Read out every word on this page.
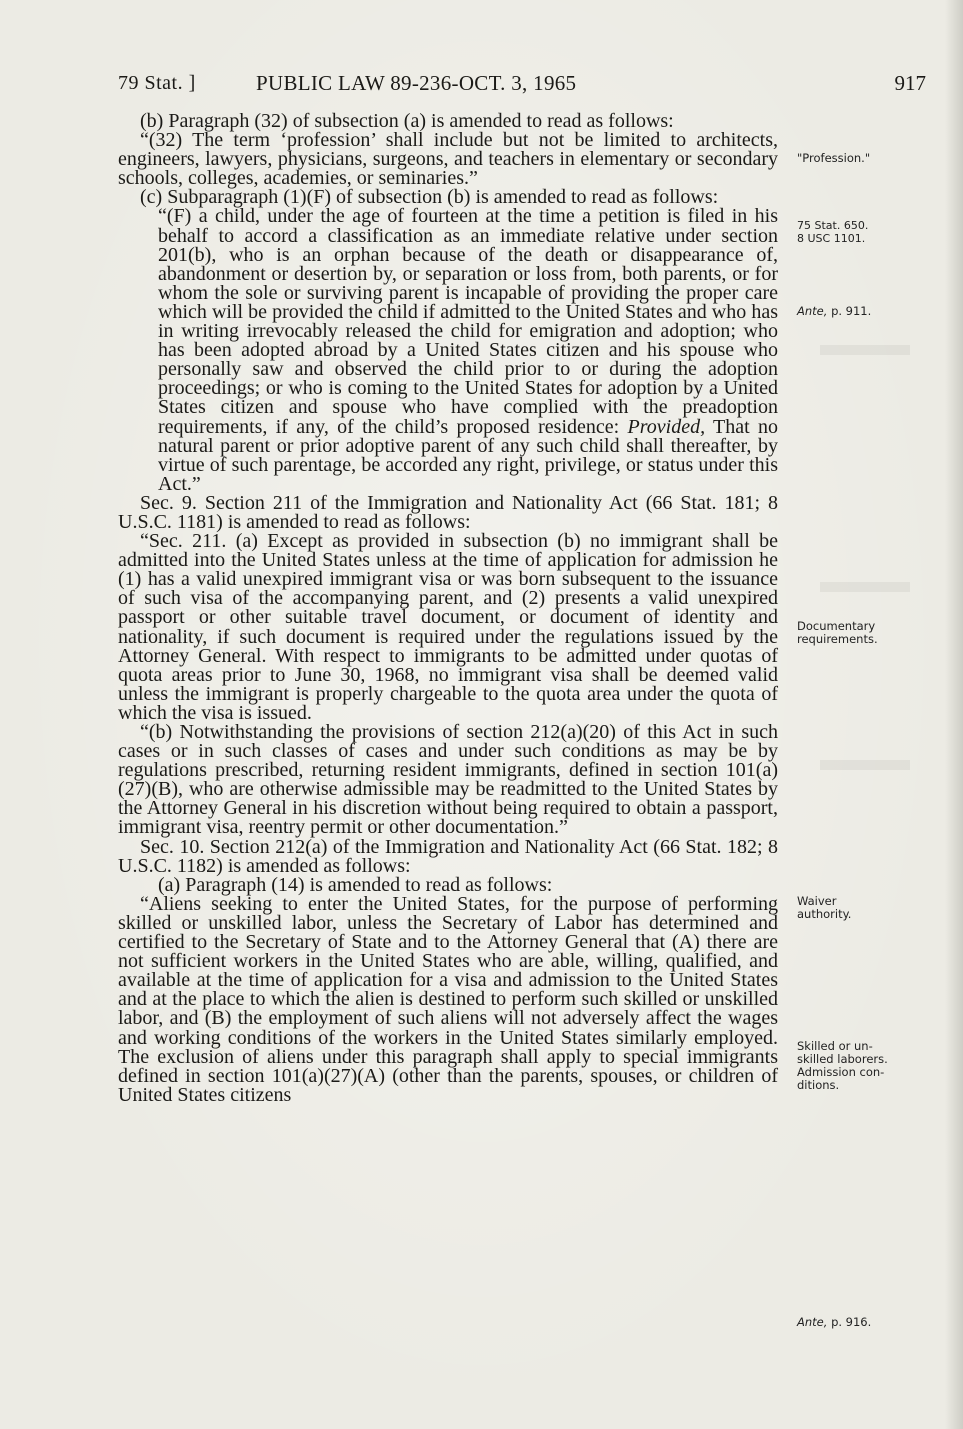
79 Stat. ]	PUBLIC LAW 89-236-OCT. 3, 1965	917

(b) Paragraph (32) of subsection (a) is amended to read as follows:

“(32) The term ‘profession’ shall include but not be limited to architects, engineers, lawyers, physicians, surgeons, and teachers in elementary or secondary schools, colleges, academies, or seminaries.”

(c) Subparagraph (1)(F) of subsection (b) is amended to read as follows:

“(F) a child, under the age of fourteen at the time a petition is filed in his behalf to accord a classification as an immediate relative under section 201(b), who is an orphan because of the death or disappearance of, abandonment or desertion by, or separation or loss from, both parents, or for whom the sole or surviving parent is incapable of providing the proper care which will be provided the child if admitted to the United States and who has in writing irrevocably released the child for emigration and adoption; who has been adopted abroad by a United States citizen and his spouse who personally saw and observed the child prior to or during the adoption proceedings; or who is coming to the United States for adoption by a United States citizen and spouse who have complied with the preadoption requirements, if any, of the child’s proposed residence: Provided, That no natural parent or prior adoptive parent of any such child shall thereafter, by virtue of such parentage, be accorded any right, privilege, or status under this Act.”

Sec. 9. Section 211 of the Immigration and Nationality Act (66 Stat. 181; 8 U.S.C. 1181) is amended to read as follows:

“Sec. 211. (a) Except as provided in subsection (b) no immigrant shall be admitted into the United States unless at the time of application for admission he (1) has a valid unexpired immigrant visa or was born subsequent to the issuance of such visa of the accompanying parent, and (2) presents a valid unexpired passport or other suitable travel document, or document of identity and nationality, if such document is required under the regulations issued by the Attorney General. With respect to immigrants to be admitted under quotas of quota areas prior to June 30, 1968, no immigrant visa shall be deemed valid unless the immigrant is properly chargeable to the quota area under the quota of which the visa is issued.

“(b) Notwithstanding the provisions of section 212(a)(20) of this Act in such cases or in such classes of cases and under such conditions as may be by regulations prescribed, returning resident immigrants, defined in section 101(a)(27)(B), who are otherwise admissible may be readmitted to the United States by the Attorney General in his discretion without being required to obtain a passport, immigrant visa, reentry permit or other documentation.”

Sec. 10. Section 212(a) of the Immigration and Nationality Act (66 Stat. 182; 8 U.S.C. 1182) is amended as follows:

(a) Paragraph (14) is amended to read as follows:

“Aliens seeking to enter the United States, for the purpose of performing skilled or unskilled labor, unless the Secretary of Labor has determined and certified to the Secretary of State and to the Attorney General that (A) there are not sufficient workers in the United States who are able, willing, qualified, and available at the time of application for a visa and admission to the United States and at the place to which the alien is destined to perform such skilled or unskilled labor, and (B) the employment of such aliens will not adversely affect the wages and working conditions of the workers in the United States similarly employed. The exclusion of aliens under this paragraph shall apply to special immigrants defined in section 101(a)(27)(A) (other than the parents, spouses, or children of United States citizens

"Profession."
75 Stat. 650.
8 USC 1101.
Ante, p. 911.
Documentary
requirements.
Waiver
authority.
Skilled or un-
skilled laborers.
Admission con-
ditions.
Ante, p. 916.
